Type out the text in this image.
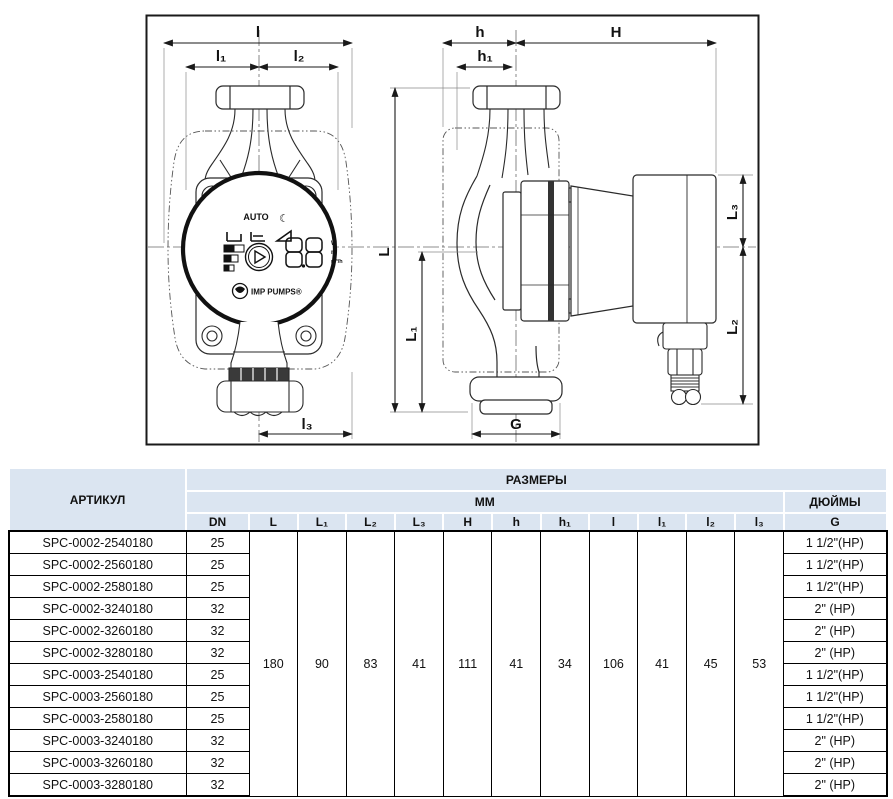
AUTO ☾
W
m
m³/h
IMP PUMPS®
l
l₁	l₂
l₃
h	H
h₁
G
L
L₁
L₃
L₂
АРТИКУЛ	РАЗМЕРЫ												
	ММ												ДЮЙМЫ
	DN	L	L₁	L₂	L₃	H	h	h₁	l	l₁	l₂	l₃	G
SPC-0002-2540180	25	180	90	83	41	111	41	34	106	41	45	53	1 1/2"(НР)
SPC-0002-2560180	25												1 1/2"(НР)
SPC-0002-2580180	25												1 1/2"(НР)
SPC-0002-3240180	32												2" (НР)
SPC-0002-3260180	32												2" (НР)
SPC-0002-3280180	32												2" (НР)
SPC-0003-2540180	25												1 1/2"(НР)
SPC-0003-2560180	25												1 1/2"(НР)
SPC-0003-2580180	25												1 1/2"(НР)
SPC-0003-3240180	32												2" (НР)
SPC-0003-3260180	32												2" (НР)
SPC-0003-3280180	32												2" (НР)
